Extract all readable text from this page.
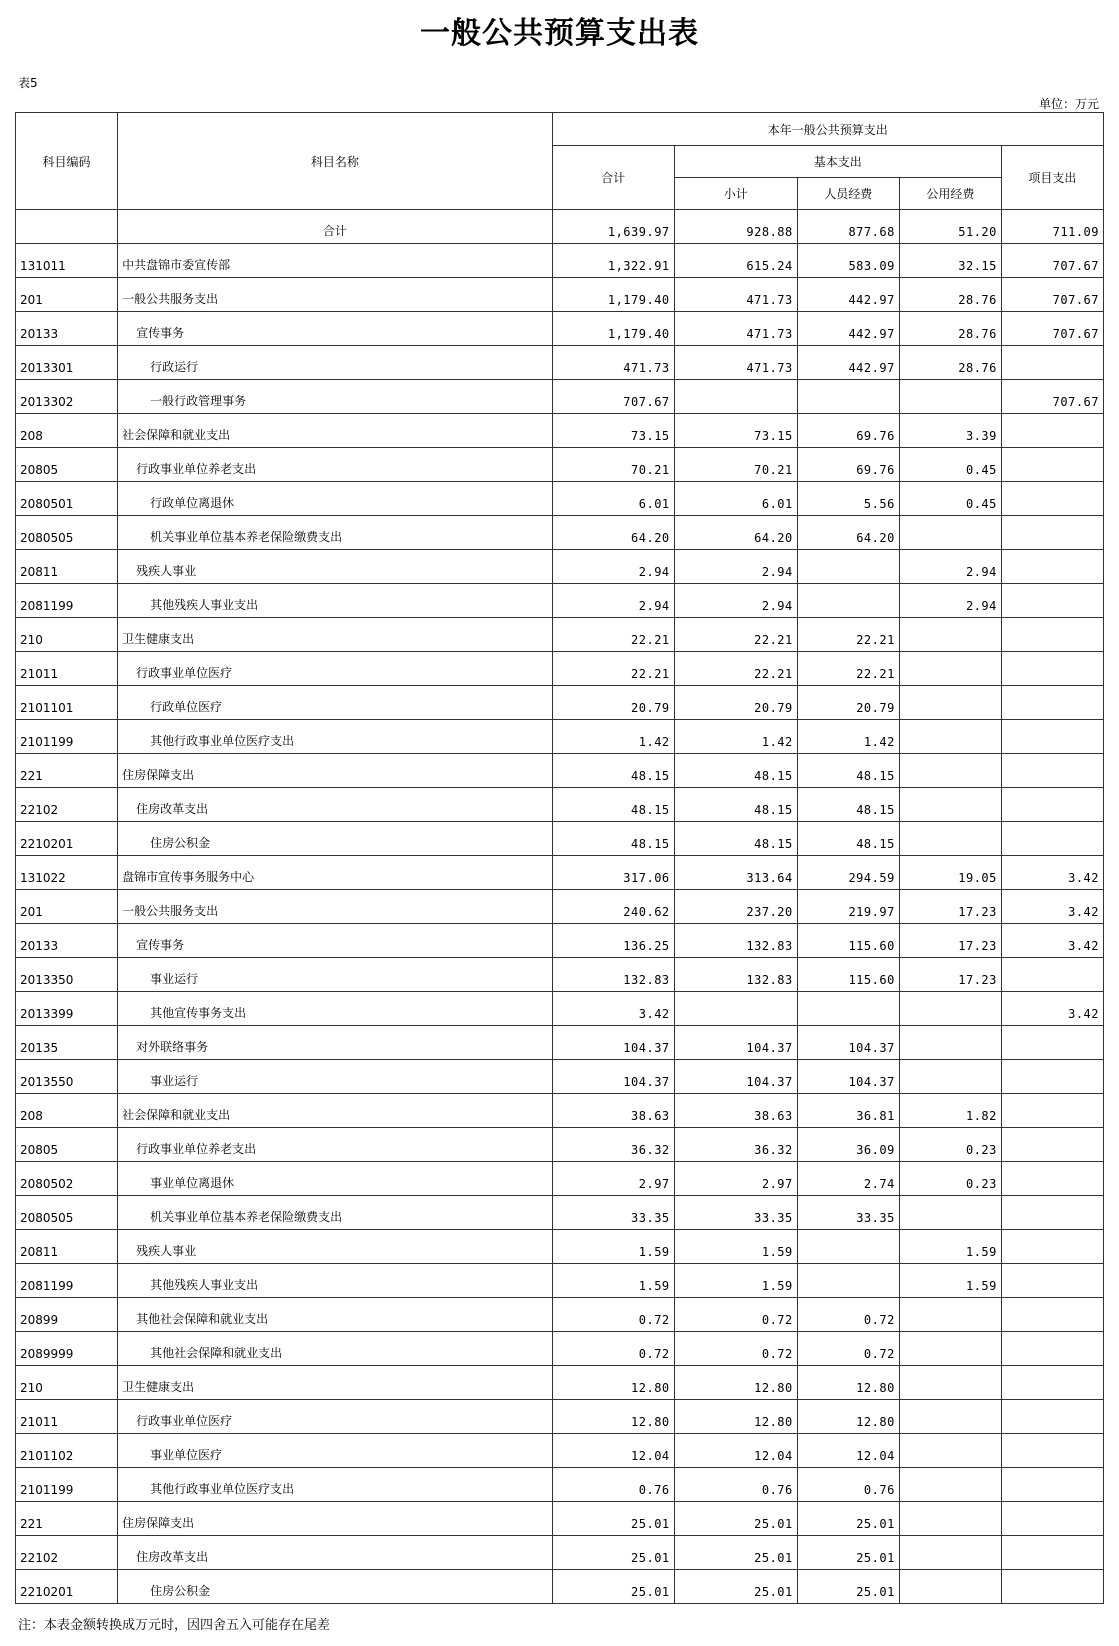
一般公共预算支出表
表5
单位：万元
科目编码	科目名称	本年一般公共预算支出				
		合计	基本支出			项目支出
			小计	人员经费	公用经费	
	合计	1,639.97	928.88	877.68	51.20	711.09
131011	中共盘锦市委宣传部	1,322.91	615.24	583.09	32.15	707.67
201	一般公共服务支出	1,179.40	471.73	442.97	28.76	707.67
20133	宣传事务	1,179.40	471.73	442.97	28.76	707.67
2013301	行政运行	471.73	471.73	442.97	28.76	
2013302	一般行政管理事务	707.67				707.67
208	社会保障和就业支出	73.15	73.15	69.76	3.39	
20805	行政事业单位养老支出	70.21	70.21	69.76	0.45	
2080501	行政单位离退休	6.01	6.01	5.56	0.45	
2080505	机关事业单位基本养老保险缴费支出	64.20	64.20	64.20		
20811	残疾人事业	2.94	2.94		2.94	
2081199	其他残疾人事业支出	2.94	2.94		2.94	
210	卫生健康支出	22.21	22.21	22.21		
21011	行政事业单位医疗	22.21	22.21	22.21		
2101101	行政单位医疗	20.79	20.79	20.79		
2101199	其他行政事业单位医疗支出	1.42	1.42	1.42		
221	住房保障支出	48.15	48.15	48.15		
22102	住房改革支出	48.15	48.15	48.15		
2210201	住房公积金	48.15	48.15	48.15		
131022	盘锦市宣传事务服务中心	317.06	313.64	294.59	19.05	3.42
201	一般公共服务支出	240.62	237.20	219.97	17.23	3.42
20133	宣传事务	136.25	132.83	115.60	17.23	3.42
2013350	事业运行	132.83	132.83	115.60	17.23	
2013399	其他宣传事务支出	3.42				3.42
20135	对外联络事务	104.37	104.37	104.37		
2013550	事业运行	104.37	104.37	104.37		
208	社会保障和就业支出	38.63	38.63	36.81	1.82	
20805	行政事业单位养老支出	36.32	36.32	36.09	0.23	
2080502	事业单位离退休	2.97	2.97	2.74	0.23	
2080505	机关事业单位基本养老保险缴费支出	33.35	33.35	33.35		
20811	残疾人事业	1.59	1.59		1.59	
2081199	其他残疾人事业支出	1.59	1.59		1.59	
20899	其他社会保障和就业支出	0.72	0.72	0.72		
2089999	其他社会保障和就业支出	0.72	0.72	0.72		
210	卫生健康支出	12.80	12.80	12.80		
21011	行政事业单位医疗	12.80	12.80	12.80		
2101102	事业单位医疗	12.04	12.04	12.04		
2101199	其他行政事业单位医疗支出	0.76	0.76	0.76		
221	住房保障支出	25.01	25.01	25.01		
22102	住房改革支出	25.01	25.01	25.01		
2210201	住房公积金	25.01	25.01	25.01		
注：本表金额转换成万元时，因四舍五入可能存在尾差
